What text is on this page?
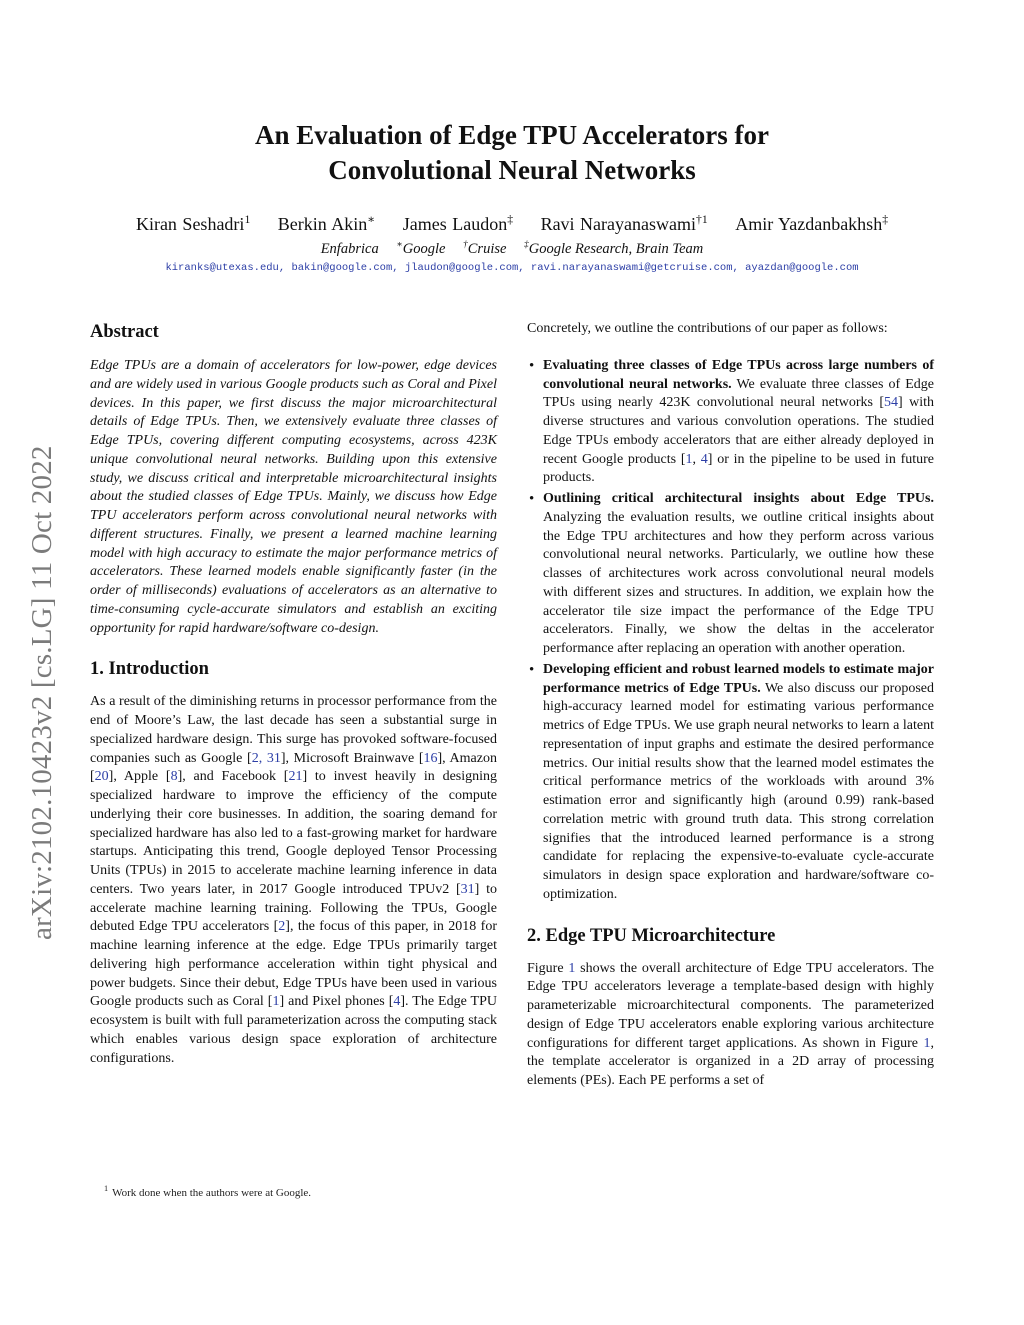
arXiv:2102.10423v2 [cs.LG] 11 Oct 2022
An Evaluation of Edge TPU Accelerators for
Convolutional Neural Networks
Kiran Seshadri$^1$ Berkin Akin∗ James Laudon‡ Ravi Narayanaswami$^{\dagger 1}$ Amir Yazdanbakhsh‡
Enfabrica ∗Google †Cruise ‡Google Research, Brain Team
kiranks@utexas.edu, bakin@google.com, jlaudon@google.com, ravi.narayanaswami@getcruise.com, ayazdan@google.com
Abstract
Edge TPUs are a domain of accelerators for low-power, edge devices and are widely used in various Google products such as Coral and Pixel devices. In this paper, we first discuss the major microarchitectural details of Edge TPUs. Then, we extensively evaluate three classes of Edge TPUs, covering different computing ecosystems, across 423K unique convolutional neural networks. Building upon this extensive study, we discuss critical and interpretable microarchitectural insights about the studied classes of Edge TPUs. Mainly, we discuss how Edge TPU accelerators perform across convolutional neural networks with different structures. Finally, we present a learned machine learning model with high accuracy to estimate the major performance metrics of accelerators. These learned models enable significantly faster (in the order of milliseconds) evaluations of accelerators as an alternative to time-consuming cycle-accurate simulators and establish an exciting opportunity for rapid hardware/software co-design.
1. Introduction
As a result of the diminishing returns in processor performance from the end of Moore’s Law, the last decade has seen a substantial surge in specialized hardware design. This surge has provoked software-focused companies such as Google [2, 31], Microsoft Brainwave [16], Amazon [20], Apple [8], and Facebook [21] to invest heavily in designing specialized hardware to improve the efficiency of the compute underlying their core businesses. In addition, the soaring demand for specialized hardware has also led to a fast-growing market for hardware startups. Anticipating this trend, Google deployed Tensor Processing Units (TPUs) in 2015 to accelerate machine learning inference in data centers. Two years later, in 2017 Google introduced TPUv2 [31] to accelerate machine learning training. Following the TPUs, Google debuted Edge TPU accelerators [2], the focus of this paper, in 2018 for machine learning inference at the edge. Edge TPUs primarily target delivering high performance acceleration within tight physical and power budgets. Since their debut, Edge TPUs have been used in various Google products such as Coral [1] and Pixel phones [4]. The Edge TPU ecosystem is built with full parameterization across the computing stack which enables various design space exploration of architecture configurations.
$^1$ Work done when the authors were at Google.

Concretely, we outline the contributions of our paper as follows:

• Evaluating three classes of Edge TPUs across large numbers of convolutional neural networks. We evaluate three classes of Edge TPUs using nearly 423K convolutional neural networks [54] with diverse structures and various convolution operations. The studied Edge TPUs embody accelerators that are either already deployed in recent Google products [1, 4] or in the pipeline to be used in future products.
• Outlining critical architectural insights about Edge TPUs. Analyzing the evaluation results, we outline critical insights about the Edge TPU architectures and how they perform across various convolutional neural networks. Particularly, we outline how these classes of architectures work across convolutional neural models with different sizes and structures. In addition, we explain how the accelerator tile size impact the performance of the Edge TPU accelerators. Finally, we show the deltas in the accelerator performance after replacing an operation with another operation.
• Developing efficient and robust learned models to estimate major performance metrics of Edge TPUs. We also discuss our proposed high-accuracy learned model for estimating various performance metrics of Edge TPUs. We use graph neural networks to learn a latent representation of input graphs and estimate the desired performance metrics. Our initial results show that the learned model estimates the critical performance metrics of the workloads with around 3% estimation error and significantly high (around 0.99) rank-based correlation metric with ground truth data. This strong correlation signifies that the introduced learned performance is a strong candidate for replacing the expensive-to-evaluate cycle-accurate simulators in design space exploration and hardware/software co-optimization.
2. Edge TPU Microarchitecture
Figure 1 shows the overall architecture of Edge TPU accelerators. The Edge TPU accelerators leverage a template-based design with highly parameterizable microarchitectural components. The parameterized design of Edge TPU accelerators enable exploring various architecture configurations for different target applications. As shown in Figure 1, the template accelerator is organized in a 2D array of processing elements (PEs). Each PE performs a set of
